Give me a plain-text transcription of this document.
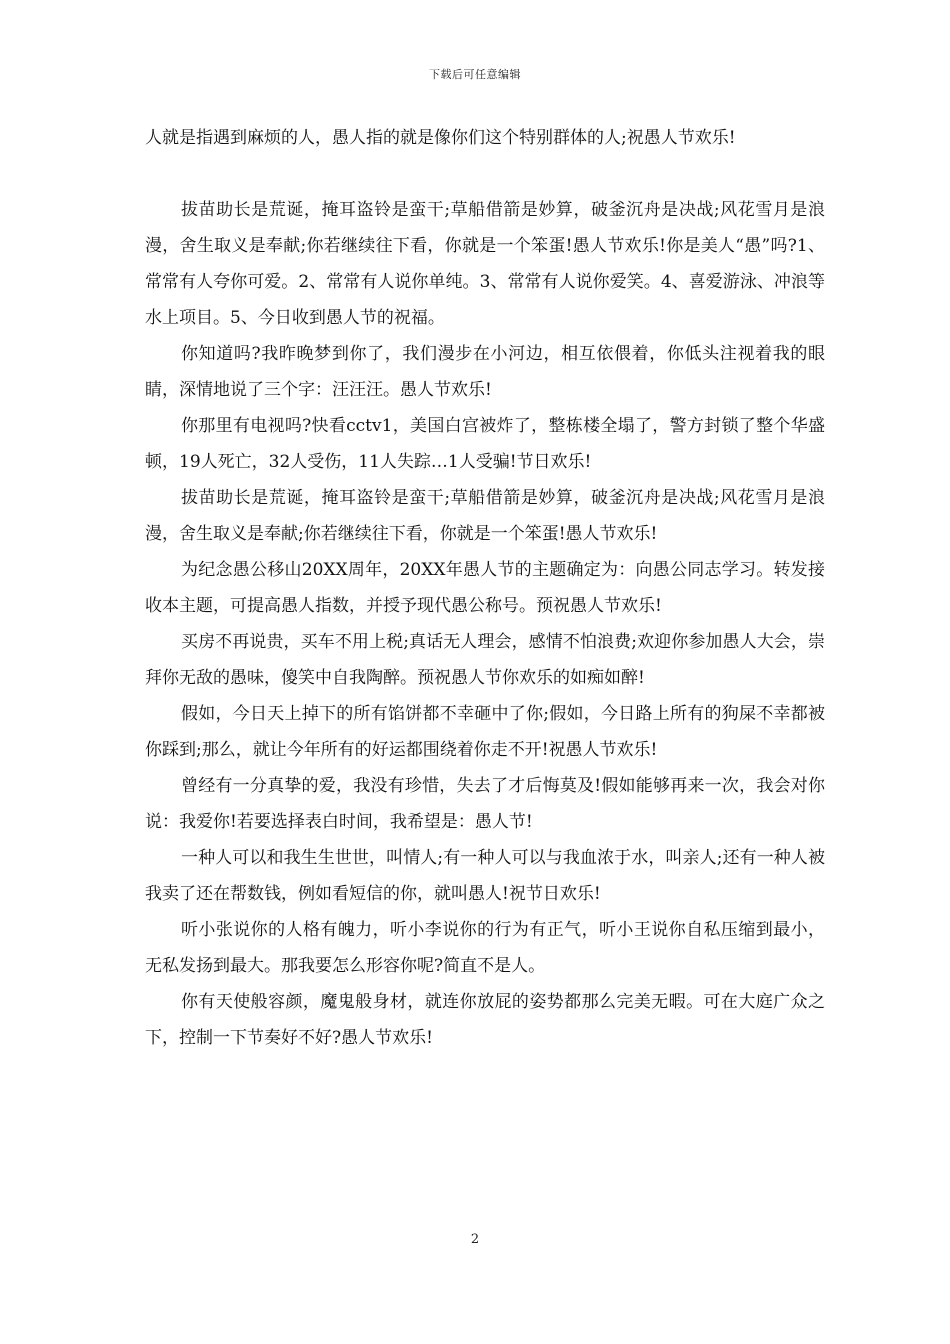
下载后可任意编辑

人就是指遇到麻烦的人，愚人指的就是像你们这个特别群体的人;祝愚人节欢乐!

拔苗助长是荒诞，掩耳盗铃是蛮干;草船借箭是妙算，破釜沉舟是决战;风花雪月是浪漫，舍生取义是奉献;你若继续往下看，你就是一个笨蛋!愚人节欢乐!你是美人“愚”吗?1、常常有人夸你可爱。2、常常有人说你单纯。3、常常有人说你爱笑。4、喜爱游泳、冲浪等水上项目。5、今日收到愚人节的祝福。

你知道吗?我昨晚梦到你了，我们漫步在小河边，相互依偎着，你低头注视着我的眼睛，深情地说了三个字：汪汪汪。愚人节欢乐!

你那里有电视吗?快看cctv1，美国白宫被炸了，整栋楼全塌了，警方封锁了整个华盛顿，19人死亡，32人受伤，11人失踪…1人受骗!节日欢乐!

拔苗助长是荒诞，掩耳盗铃是蛮干;草船借箭是妙算，破釜沉舟是决战;风花雪月是浪漫，舍生取义是奉献;你若继续往下看，你就是一个笨蛋!愚人节欢乐!

为纪念愚公移山20XX周年，20XX年愚人节的主题确定为：向愚公同志学习。转发接收本主题，可提高愚人指数，并授予现代愚公称号。预祝愚人节欢乐!

买房不再说贵，买车不用上税;真话无人理会，感情不怕浪费;欢迎你参加愚人大会，崇拜你无敌的愚味，傻笑中自我陶醉。预祝愚人节你欢乐的如痴如醉!

假如，今日天上掉下的所有馅饼都不幸砸中了你;假如，今日路上所有的狗屎不幸都被你踩到;那么，就让今年所有的好运都围绕着你走不开!祝愚人节欢乐!

曾经有一分真挚的爱，我没有珍惜，失去了才后悔莫及!假如能够再来一次，我会对你说：我爱你!若要选择表白时间，我希望是：愚人节!

一种人可以和我生生世世，叫情人;有一种人可以与我血浓于水，叫亲人;还有一种人被我卖了还在帮数钱，例如看短信的你，就叫愚人!祝节日欢乐!

听小张说你的人格有魄力，听小李说你的行为有正气，听小王说你自私压缩到最小，无私发扬到最大。那我要怎么形容你呢?简直不是人。

你有天使般容颜，魔鬼般身材，就连你放屁的姿势都那么完美无暇。可在大庭广众之下，控制一下节奏好不好?愚人节欢乐!

2
